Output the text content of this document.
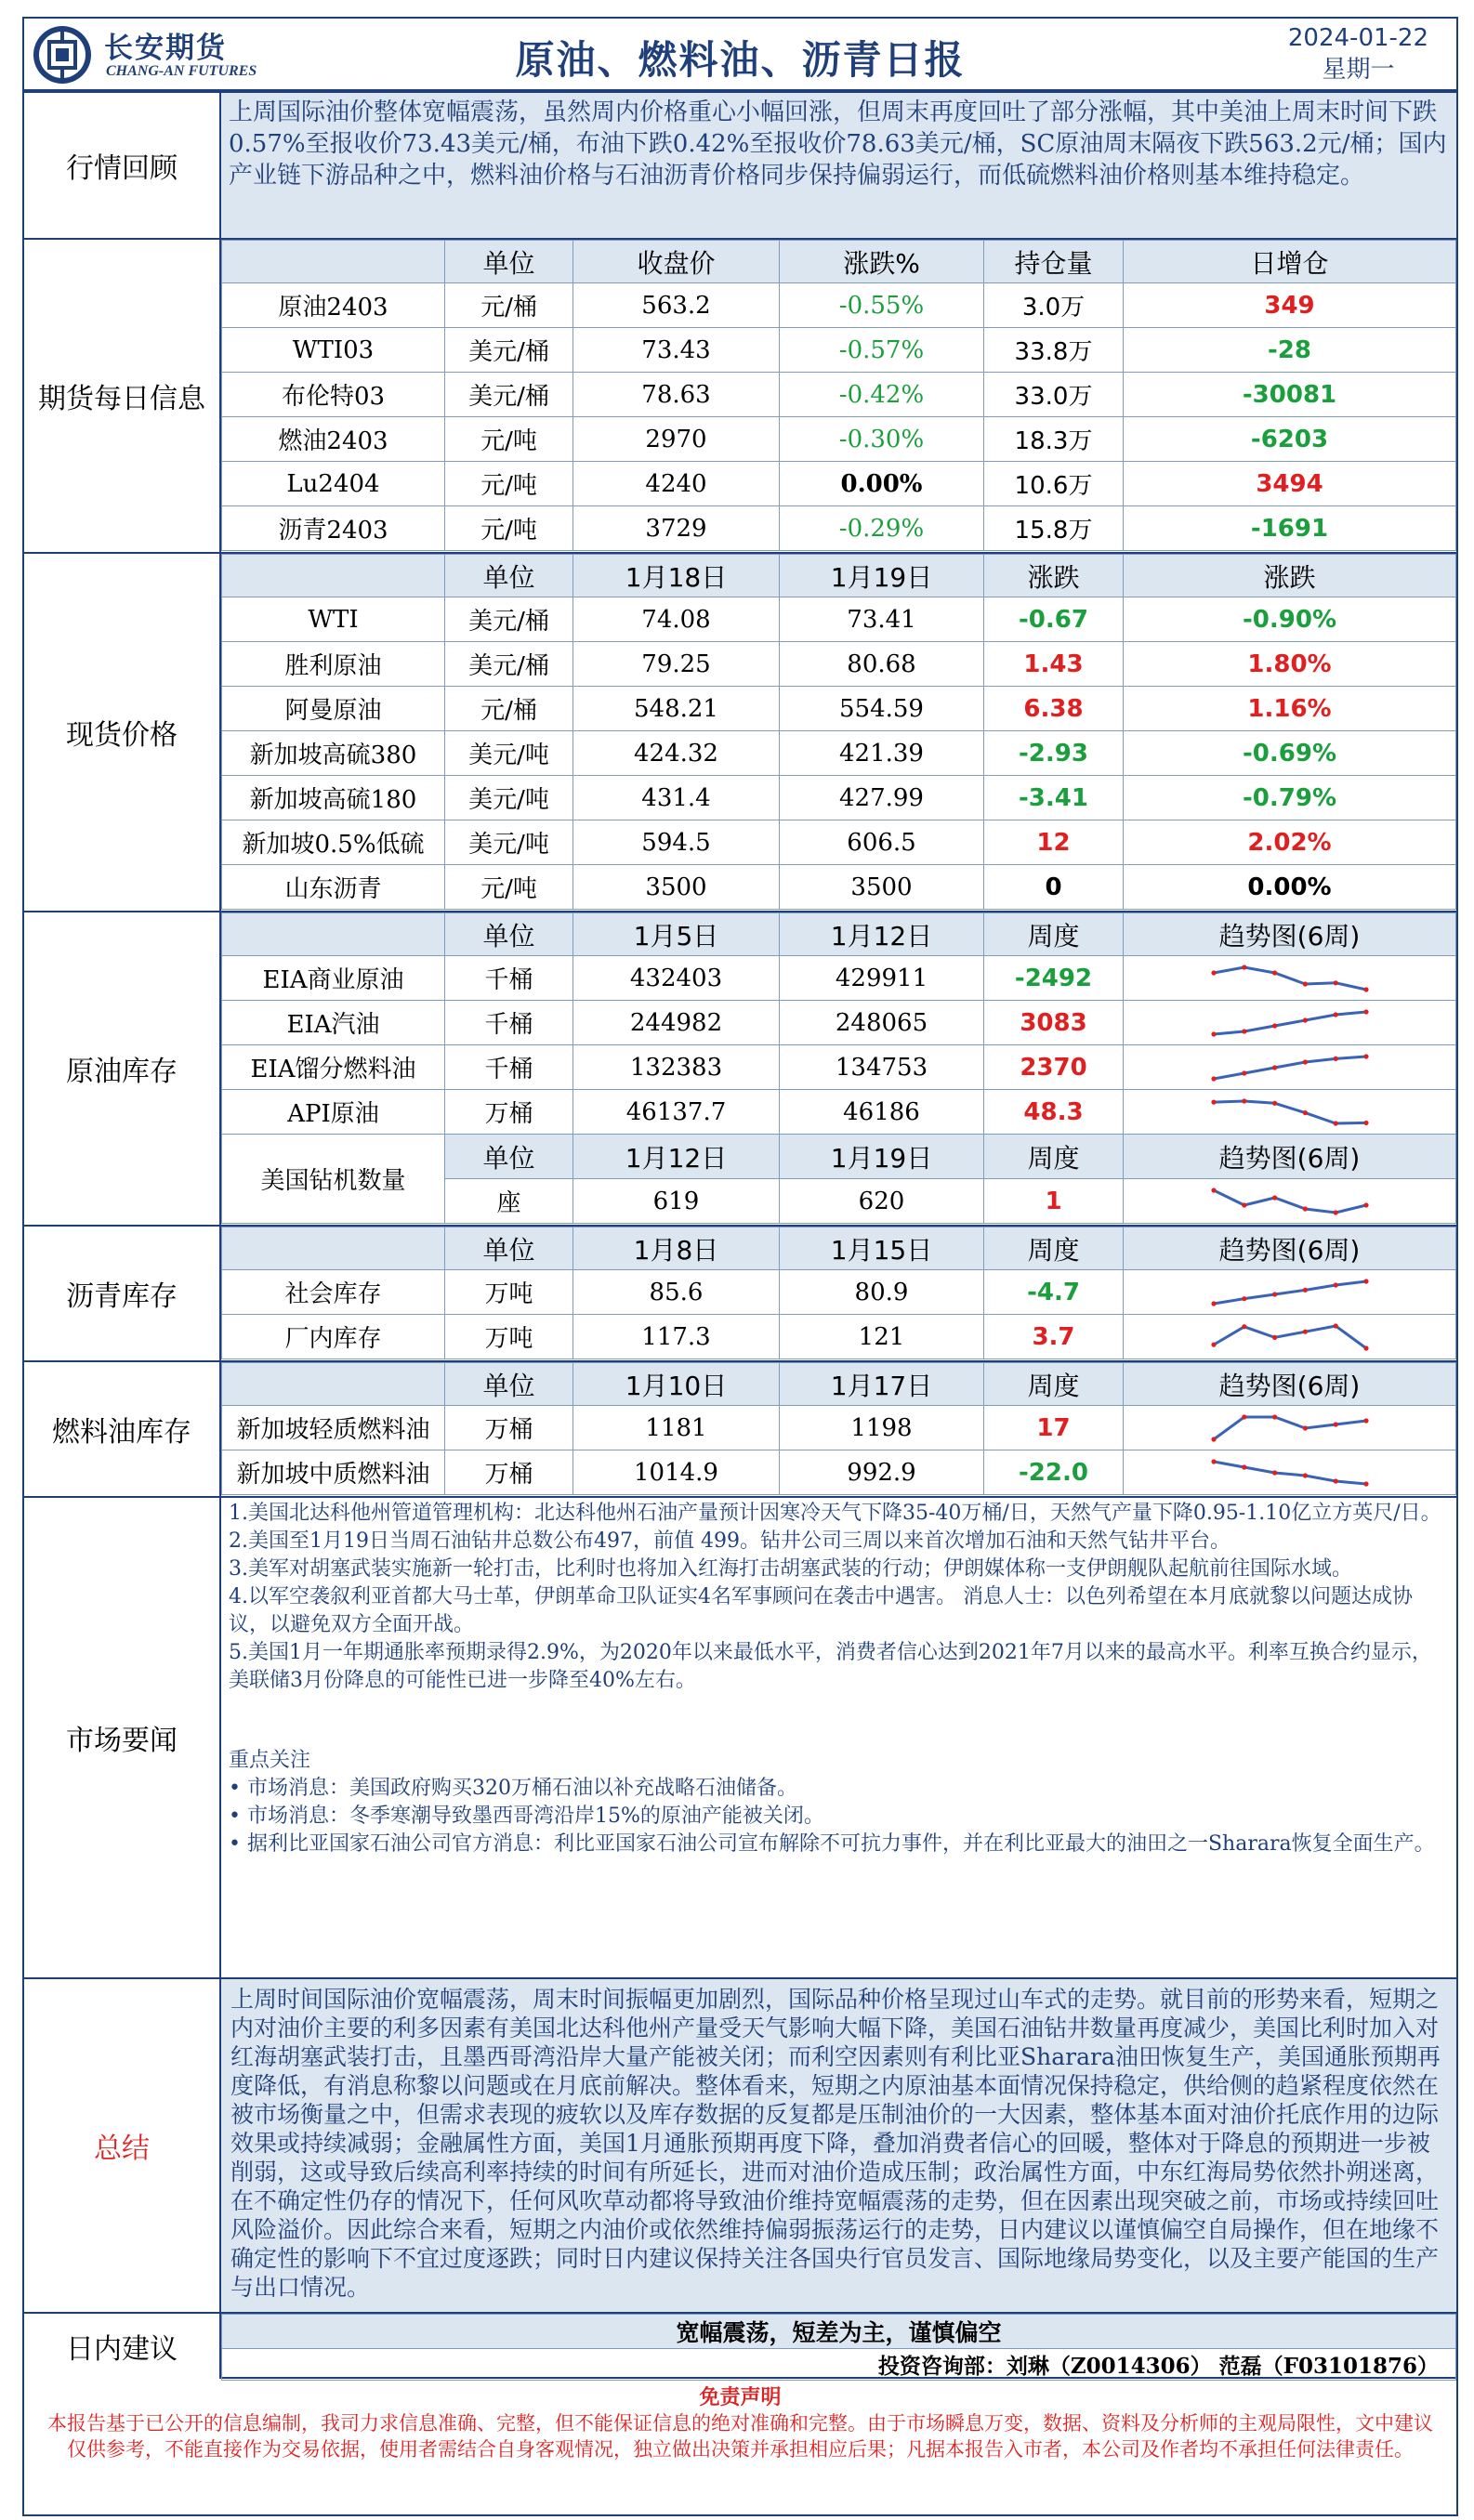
长安期货
CHANG-AN FUTURES	原油、燃料油、沥青日报	2024-01-22
星期一
行情回顾
上周国际油价整体宽幅震荡，虽然周内价格重心小幅回涨，但周末再度回吐了部分涨幅，其中美油上周末时间下跌0.57%至报收价73.43美元/桶，布油下跌0.42%至报收价78.63美元/桶，SC原油周末隔夜下跌563.2元/桶；国内产业链下游品种之中，燃料油价格与石油沥青价格同步保持偏弱运行，而低硫燃料油价格则基本维持稳定。
期货每日信息
	单位	收盘价	涨跌%	持仓量	日增仓
原油2403	元/桶	563.2	-0.55%	3.0万	349
WTI03	美元/桶	73.43	-0.57%	33.8万	-28
布伦特03	美元/桶	78.63	-0.42%	33.0万	-30081
燃油2403	元/吨	2970	-0.30%	18.3万	-6203
Lu2404	元/吨	4240	0.00%	10.6万	3494
沥青2403	元/吨	3729	-0.29%	15.8万	-1691
现货价格
	单位	1月18日	1月19日	涨跌	涨跌
WTI	美元/桶	74.08	73.41	-0.67	-0.90%
胜利原油	美元/桶	79.25	80.68	1.43	1.80%
阿曼原油	元/桶	548.21	554.59	6.38	1.16%
新加坡高硫380	美元/吨	424.32	421.39	-2.93	-0.69%
新加坡高硫180	美元/吨	431.4	427.99	-3.41	-0.79%
新加坡0.5%低硫	美元/吨	594.5	606.5	12	2.02%
山东沥青	元/吨	3500	3500	0	0.00%
原油库存
	单位	1月5日	1月12日	周度	趋势图(6周)
EIA商业原油	千桶	432403	429911	-2492	

EIA汽油	千桶	244982	248065	3083	

EIA馏分燃料油	千桶	132383	134753	2370	

API原油	万桶	46137.7	46186	48.3	

美国钻机数量	单位	1月12日	1月19日	周度	趋势图(6周)
	座	619	620	1	
沥青库存
	单位	1月8日	1月15日	周度	趋势图(6周)
社会库存	万吨	85.6	80.9	-4.7	

厂内库存	万吨	117.3	121	3.7	
燃料油库存
	单位	1月10日	1月17日	周度	趋势图(6周)
新加坡轻质燃料油	万桶	1181	1198	17	

新加坡中质燃料油	万桶	1014.9	992.9	-22.0	
市场要闻
1.美国北达科他州管道管理机构：北达科他州石油产量预计因寒冷天气下降35-40万桶/日，天然气产量下降0.95-1.10亿立方英尺/日。
2.美国至1月19日当周石油钻井总数公布497，前值 499。钻井公司三周以来首次增加石油和天然气钻井平台。
3.美军对胡塞武装实施新一轮打击，比利时也将加入红海打击胡塞武装的行动；伊朗媒体称一支伊朗舰队起航前往国际水域。
4.以军空袭叙利亚首都大马士革，伊朗革命卫队证实4名军事顾问在袭击中遇害。 消息人士：以色列希望在本月底就黎以问题达成协议，以避免双方全面开战。
5.美国1月一年期通胀率预期录得2.9%，为2020年以来最低水平，消费者信心达到2021年7月以来的最高水平。利率互换合约显示，美联储3月份降息的可能性已进一步降至40%左右。
重点关注
• 市场消息：美国政府购买320万桶石油以补充战略石油储备。
• 市场消息：冬季寒潮导致墨西哥湾沿岸15%的原油产能被关闭。
• 据利比亚国家石油公司官方消息：利比亚国家石油公司宣布解除不可抗力事件，并在利比亚最大的油田之一Sharara恢复全面生产。
总结
上周时间国际油价宽幅震荡，周末时间振幅更加剧烈，国际品种价格呈现过山车式的走势。就目前的形势来看，短期之内对油价主要的利多因素有美国北达科他州产量受天气影响大幅下降，美国石油钻井数量再度减少，美国比利时加入对红海胡塞武装打击，且墨西哥湾沿岸大量产能被关闭；而利空因素则有利比亚Sharara油田恢复生产，美国通胀预期再度降低，有消息称黎以问题或在月底前解决。整体看来，短期之内原油基本面情况保持稳定，供给侧的趋紧程度依然在被市场衡量之中，但需求表现的疲软以及库存数据的反复都是压制油价的一大因素，整体基本面对油价托底作用的边际效果或持续减弱；金融属性方面，美国1月通胀预期再度下降，叠加消费者信心的回暖，整体对于降息的预期进一步被削弱，这或导致后续高利率持续的时间有所延长，进而对油价造成压制；政治属性方面，中东红海局势依然扑朔迷离，在不确定性仍存的情况下，任何风吹草动都将导致油价维持宽幅震荡的走势，但在因素出现突破之前，市场或持续回吐风险溢价。因此综合来看，短期之内油价或依然维持偏弱振荡运行的走势，日内建议以谨慎偏空自局操作，但在地缘不确定性的影响下不宜过度逐跌；同时日内建议保持关注各国央行官员发言、国际地缘局势变化，以及主要产能国的生产与出口情况。
日内建议
宽幅震荡，短差为主，谨慎偏空
投资咨询部：刘琳（Z0014306） 范磊（F03101876）
免责声明
本报告基于已公开的信息编制，我司力求信息准确、完整，但不能保证信息的绝对准确和完整。由于市场瞬息万变，数据、资料及分析师的主观局限性，文中建议仅供参考，不能直接作为交易依据，使用者需结合自身客观情况，独立做出决策并承担相应后果；凡据本报告入市者，本公司及作者均不承担任何法律责任。
